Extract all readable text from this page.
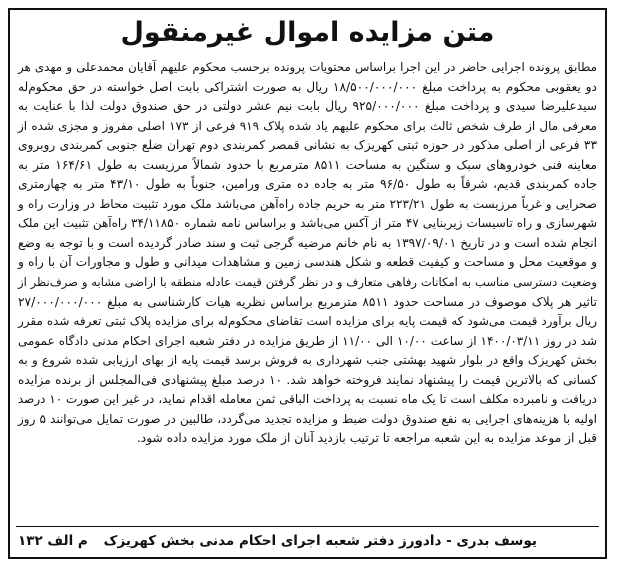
متن مزایده اموال غیرمنقول
مطابق پرونده اجرایی حاضر در این اجرا براساس محتویات پرونده برحسب محکوم علیهم آقایان محمدعلی و مهدی هر
دو یعقوبی محکوم به پرداخت مبلغ ۱۸/۵۰۰/۰۰۰/۰۰۰ ریال به صورت اشتراکی بابت اصل خواسته در حق محکوم‌له
سیدعلیرضا سیدی و پرداخت مبلغ ۹۲۵/۰۰۰/۰۰۰ ریال بابت نیم عشر دولتی در حق صندوق دولت لذا با عنایت به
معرفی مال از طرف شخص ثالث برای محکوم علیهم یاد شده پلاک ۹۱۹ فرعی از ۱۷۳ اصلی مفروز و مجزی شده از
۳۳ فرعی از اصلی مذکور در حوزه ثبتی کهریزک به نشانی قمصر کمربندی دوم تهران ضلع جنوبی کمربندی روبروی
معاینه فنی خودروهای سبک و سنگین به مساحت ۸۵۱۱ مترمربع با حدود شمالاً مرزیست به طول ۱۶۴/۶۱ متر به
جاده کمربندی قدیم، شرقاً به طول ۹۶/۵۰ متر به جاده ده متری ورامین، جنوباً به طول ۴۳/۱۰ متر به چهارمتری
صحرایی و غرباً مرزیست به طول ۲۲۳/۲۱ متر به حریم جاده راه‌آهن می‌باشد ملک مورد تثبیت محاط در وزارت راه و
شهرسازی و راه تاسیسات زیربنایی ۴۷ متر از آکس می‌باشد و براساس نامه شماره ۳۴/۱۱۸۵۰ راه‌آهن تثبیت این ملک
انجام شده است و در تاریخ ۱۳۹۷/۰۹/۰۱ به نام خانم مرضیه گرجی ثبت و سند صادر گردیده است و با توجه به وضع
و موقعیت محل و مساحت و کیفیت قطعه و شکل هندسی زمین و مشاهدات میدانی و طول و مجاورات آن با راه و
وضعیت دسترسی مناسب به امکانات رفاهی متعارف و در نظر گرفتن قیمت عادله منطقه با اراضی مشابه و صرف‌نظر از
تاثیر هر پلاک موصوف در مساحت حدود ۸۵۱۱ مترمربع براساس نظریه هیات کارشناسی به مبلغ ۲۷/۰۰۰/۰۰۰/۰۰۰
ریال برآورد قیمت می‌شود که قیمت پایه برای مزایده است تقاضای محکوم‌له برای مزایده پلاک ثبتی تعرفه شده مقرر
شد در روز ۱۴۰۰/۰۳/۱۱ از ساعت ۱۰/۰۰ الی ۱۱/۰۰ از طریق مزایده در دفتر شعبه اجرای احکام مدنی دادگاه عمومی
بخش کهریزک واقع در بلوار شهید بهشتی جنب شهرداری به فروش برسد قیمت پایه از بهای ارزیابی شده شروع و به
کسانی که بالاترین قیمت را پیشنهاد نمایند فروخته خواهد شد. ۱۰ درصد مبلغ پیشنهادی فی‌المجلس از برنده مزایده
دریافت و نامبرده مکلف است تا یک ماه نسبت به پرداخت الباقی ثمن معامله اقدام نماید، در غیر این صورت ۱۰ درصد
اولیه با هزینه‌های اجرایی به نفع صندوق دولت ضبط و مزایده تجدید می‌گردد، طالبین در صورت تمایل می‌توانند ۵ روز
قبل از موعد مزایده به این شعبه مراجعه تا ترتیب بازدید آنان از ملک مورد مزایده داده شود.
یوسف بدری - دادورز دفتر شعبه اجرای احکام مدنی بخش کهریزک
م الف ۱۳۲
